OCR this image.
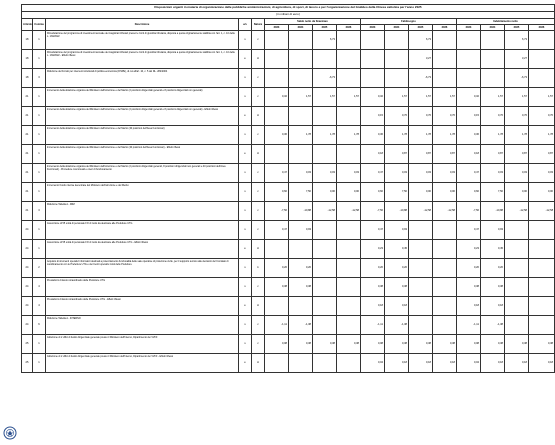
Disposizioni urgenti in materia di organizzazione delle pubbliche amministrazioni, di agricoltura, di sport, di lavoro e per l'organizzazione del Giubileo della Chiesa cattolica per l'anno 2025																
(in milioni di euro)																
Articolo	Comma	Descrizione	e/s	Natura	Saldo netto da finanziare				Fabbisogno				Indebitamento netto			
					2023	2024	2025	2026	2023	2024	2025	2026	2023	2024	2025	2026
18	1	Rimodulazione del programma di investimenti annuale dei magistrati tributari presso le Corti di giustizia tributaria, disposta a quota originariamente stabilita con l'art. 1, c. 10 della L. 130/2022	s	c			6,73				6,73				6,73	
18	1	Rimodulazione del programma di investimenti annuale dei magistrati tributari presso le Corti di giustizia tributaria, disposta a quota originariamente stabilita con l'art. 1, c. 10 della L. 130/2022 - Effetti riflessi	e	tc							3,27				3,27	
18	3	Riduzione del Fondo per interventi strutturali di politica economica (FISPE), di cui all'art. 10, c. 5 del DL. 282/2004	s	c			-6,73				-6,73				-6,73	
21	1	Incremento della dotazione organica del Ministero dell'istruzione e del Merito (2 posizioni dirigenziali generali e 8 posizioni dirigenziali non generali)	s	c	0,32	1,57	1,57	1,57	0,32	1,57	1,57	1,57	0,32	1,57	1,57	1,57
21	1	Incremento della dotazione organica del Ministero dell'istruzione e del Merito (2 posizioni dirigenziali generali e 8 posizioni dirigenziali non generali) - Effetti riflessi	e	tc					0,15	0,76	0,76	0,76	0,15	0,76	0,76	0,76
21	1	Incremento della dotazione organica del Ministero dell'istruzione e del Merito (40 posizioni dell'Area Funzionari)	s	c	0,36	1,78	1,78	1,78	0,36	1,78	1,78	1,78	0,36	1,78	1,78	1,78
21	1	Incremento della dotazione organica del Ministero dell'istruzione e del Merito (40 posizioni dell'Area Funzionari) - Effetti riflessi	e	tc					0,18	0,87	0,87	0,87	0,18	0,87	0,87	0,87
21	1	Incremento della dotazione organica del Ministero dell'istruzione e del Merito (2 posizioni dirigenziali generali, 8 posizioni dirigenziali non generali e 40 posizioni dell'Area Funzionari) - Procedure concorsuali e oneri di funzionamento	s	c	0,47	0,03	0,03	0,03	0,47	0,03	0,03	0,03	0,47	0,03	0,03	0,03
21	1	Incremento Fondo risorse decentrate del Ministero dell'istruzione e del Merito	s	c	0,60	7,50	0,00	0,00	0,60	7,50	0,00	0,00	0,60	7,50	0,00	0,00
21	3	Riduzione Tabella A - MIM	s	c	-7,56	-10,88	-12,58	-12,58	-7,56	-10,88	-12,58	-12,58	-7,56	-10,88	-12,58	-12,58
24	1	Assunzione di 55 unità di personale FO di ruolo da destinare alle Prefetture UTG	s	c	0,47	0,93			0,47	0,93			0,47	0,93		
24	1	Assunzione di 55 unità di personale FO di ruolo da destinare alle Prefetture UTG - Effetti riflessi	e	tc					0,23	0,45			0,23	0,45		
24	2	Acquisto di strumenti operativi informatici destinati a potenziamento funzionalità delle sale operative di protezione civile, per il supporto tecnico alle decisioni del Comitato di coordinamento con le Prefetture UTG e dei Centri operativi misti delle Prefetture	s	k	0,20	0,20			0,20	0,20			0,20	0,20		
24	4	Prestazioni di lavoro straordinario delle Prefetture UTG	s	c	0,38	0,38			0,38	0,38			0,38	0,38		
24	4	Prestazioni di lavoro straordinario delle Prefetture UTG - Effetti riflessi	e	tc					0,18	0,18			0,18	0,18		
24	6	Riduzione Tabella A - INTERNO	s	c	-1,11	-1,38			-1,11	-1,38			-1,11	-1,38		
25	1	Istituzione di 2 uffici di livello dirigenziale generale presso il Ministero dell'Interno, Dipartimento dei VVFF	s	c	0,08	0,38	0,38	0,38	0,08	0,38	0,38	0,38	0,08	0,38	0,38	0,38
25	1	Istituzione di 2 uffici di livello dirigenziale generale presso il Ministero dell'Interno, Dipartimento dei VVFF - Effetti riflessi	e	tc					0,04	0,18	0,18	0,18	0,04	0,18	0,18	0,18
